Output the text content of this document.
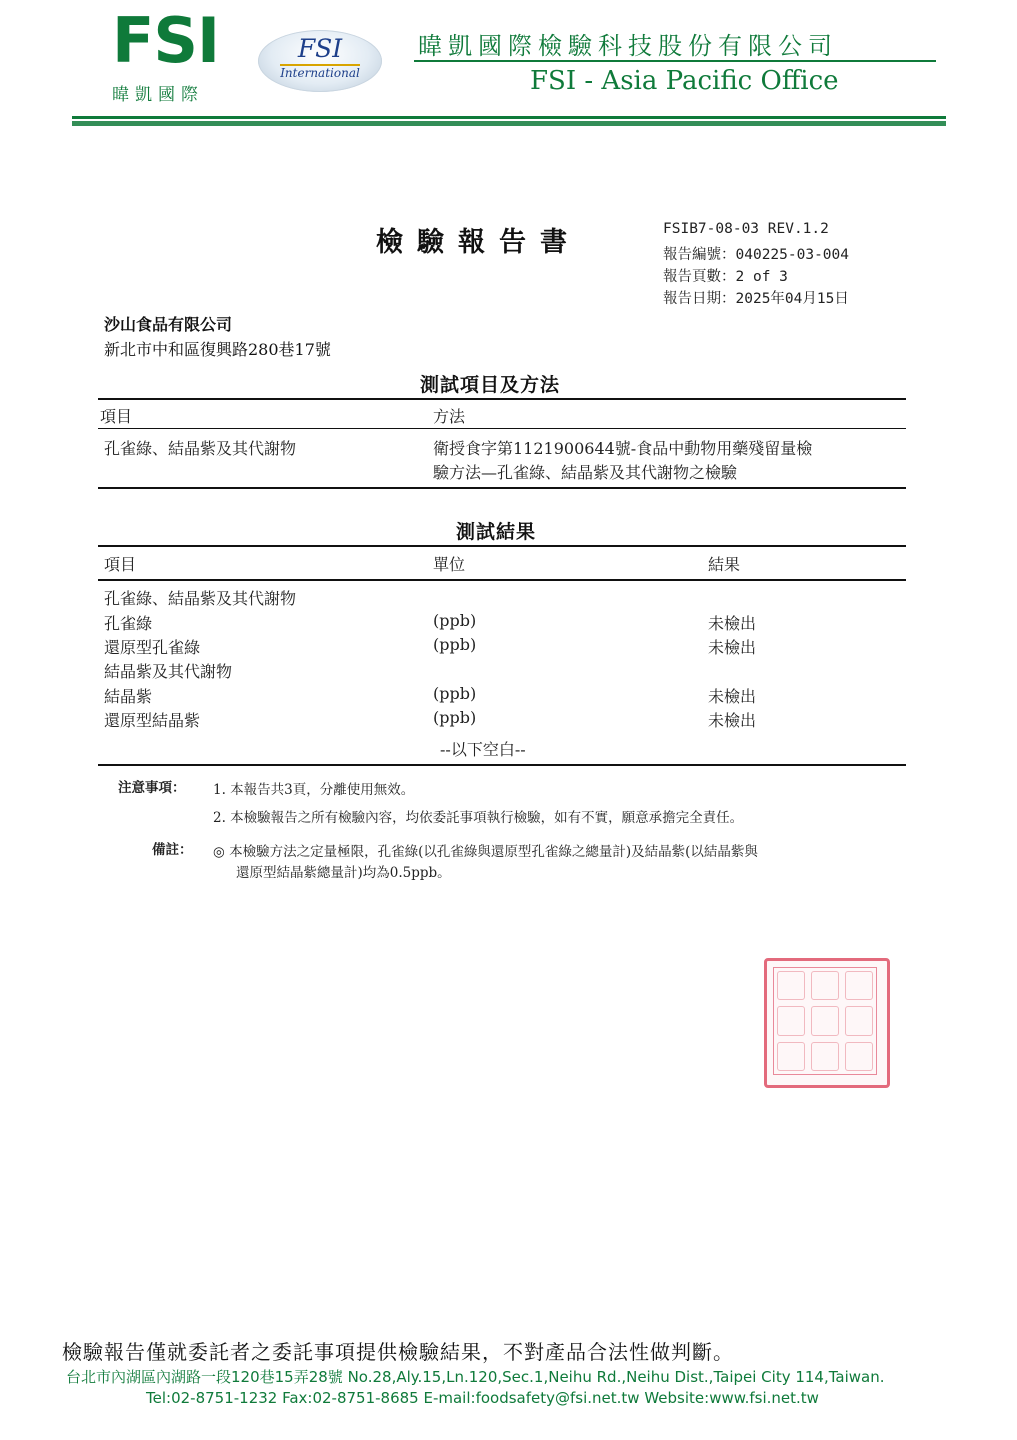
FSI
暐凱國際
FSI
International
暐凱國際檢驗科技股份有限公司
FSI - Asia Pacific Office
檢驗報告書	FSIB7-08-03 REV.1.2
報告編號：040225-03-004
報告頁數：2 of 3
報告日期：2025年04月15日
沙山食品有限公司
新北市中和區復興路280巷17號
測試項目及方法
項目	方法
孔雀綠、結晶紫及其代謝物	衛授食字第1121900644號-食品中動物用藥殘留量檢
驗方法—孔雀綠、結晶紫及其代謝物之檢驗
測試結果
項目	單位	結果
孔雀綠、結晶紫及其代謝物
孔雀綠	(ppb)	未檢出
還原型孔雀綠	(ppb)	未檢出
結晶紫及其代謝物
結晶紫	(ppb)	未檢出
還原型結晶紫	(ppb)	未檢出
--以下空白--
注意事項： 1. 本報告共3頁，分離使用無效。
2. 本檢驗報告之所有檢驗內容，均依委託事項執行檢驗，如有不實，願意承擔完全責任。
備註： ◎ 本檢驗方法之定量極限，孔雀綠(以孔雀綠與還原型孔雀綠之總量計)及結晶紫(以結晶紫與
還原型結晶紫總量計)均為0.5ppb。
檢驗報告僅就委託者之委託事項提供檢驗結果，不對產品合法性做判斷。
台北市內湖區內湖路一段120巷15弄28號 No.28,Aly.15,Ln.120,Sec.1,Neihu Rd.,Neihu Dist.,Taipei City 114,Taiwan.
Tel:02-8751-1232 Fax:02-8751-8685 E-mail:foodsafety@fsi.net.tw Website:www.fsi.net.tw
